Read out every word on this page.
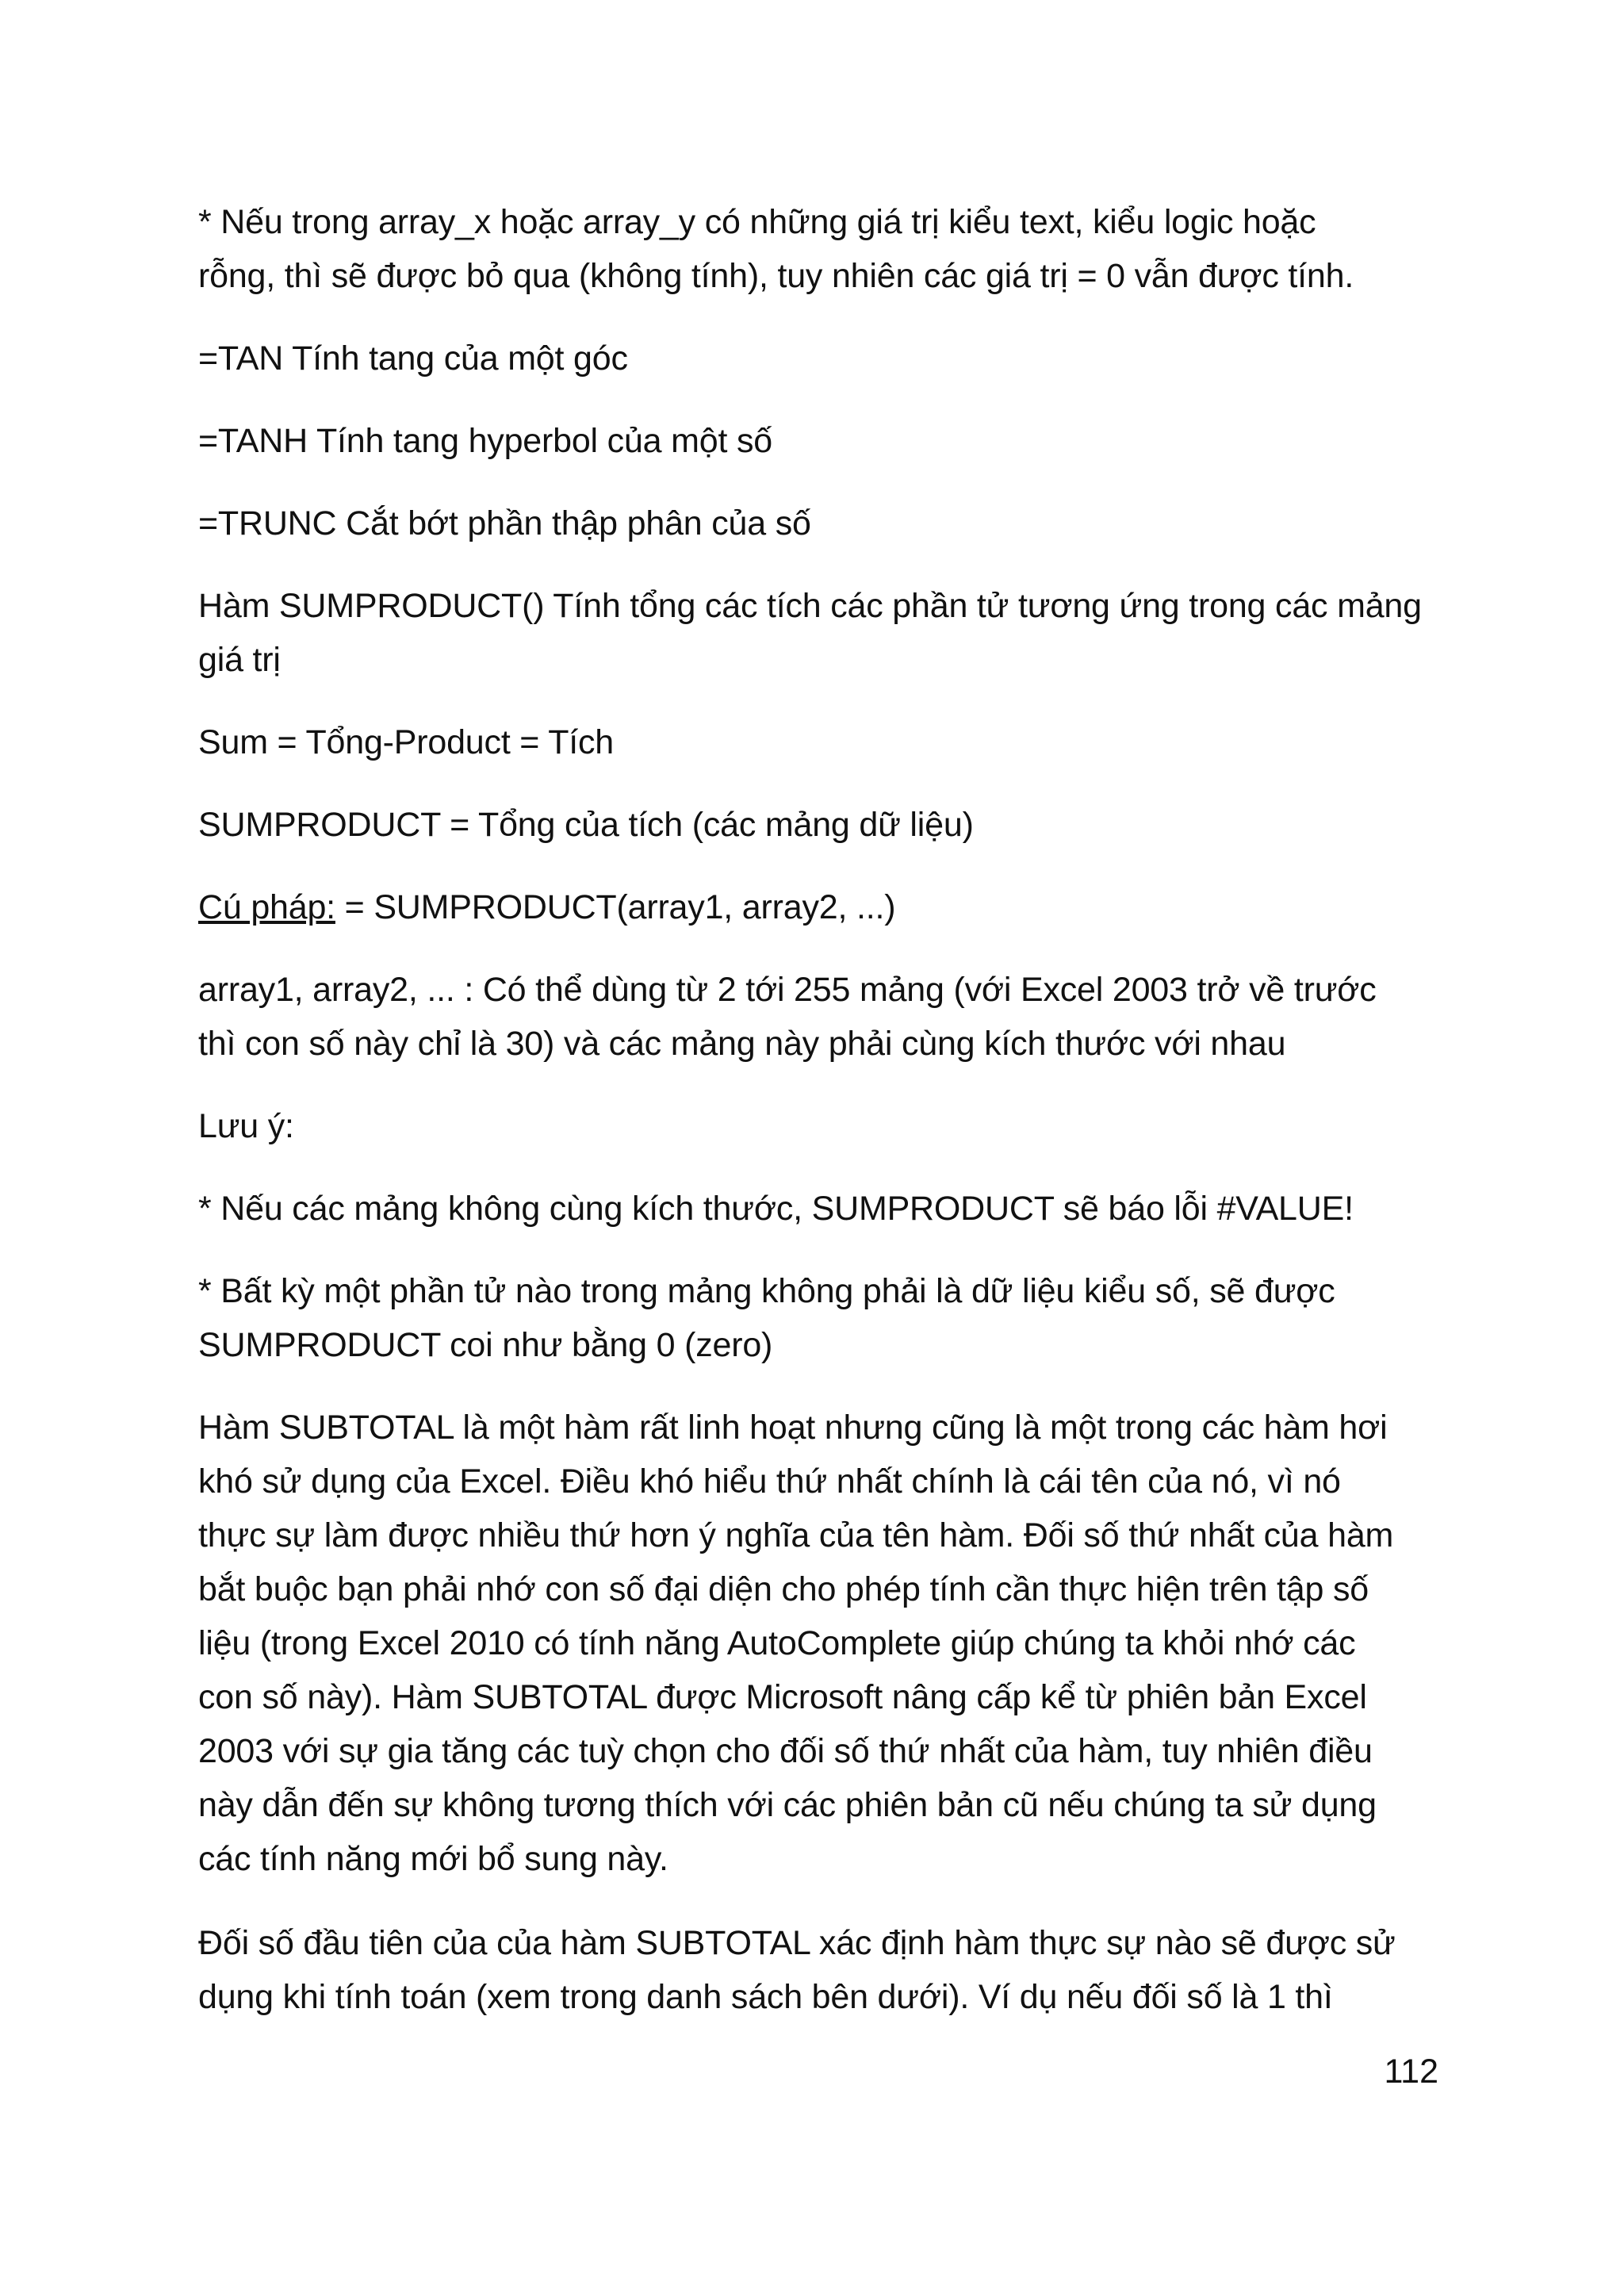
* Nếu trong array_x hoặc array_y có những giá trị kiểu text, kiểu logic hoặc
rỗng, thì sẽ được bỏ qua (không tính), tuy nhiên các giá trị = 0 vẫn được tính.

=TAN Tính tang của một góc

=TANH Tính tang hyperbol của một số

=TRUNC Cắt bớt phần thập phân của số

Hàm SUMPRODUCT() Tính tổng các tích các phần tử tương ứng trong các mảng
giá trị

Sum = Tổng-Product = Tích

SUMPRODUCT = Tổng của tích (các mảng dữ liệu)

Cú pháp: = SUMPRODUCT(array1, array2, ...)

array1, array2, ... : Có thể dùng từ 2 tới 255 mảng (với Excel 2003 trở về trước
thì con số này chỉ là 30) và các mảng này phải cùng kích thước với nhau

Lưu ý:

* Nếu các mảng không cùng kích thước, SUMPRODUCT sẽ báo lỗi #VALUE!

* Bất kỳ một phần tử nào trong mảng không phải là dữ liệu kiểu số, sẽ được
SUMPRODUCT coi như bằng 0 (zero)

Hàm SUBTOTAL là một hàm rất linh hoạt nhưng cũng là một trong các hàm hơi
khó sử dụng của Excel. Điều khó hiểu thứ nhất chính là cái tên của nó, vì nó
thực sự làm được nhiều thứ hơn ý nghĩa của tên hàm. Đối số thứ nhất của hàm
bắt buộc bạn phải nhớ con số đại diện cho phép tính cần thực hiện trên tập số
liệu (trong Excel 2010 có tính năng AutoComplete giúp chúng ta khỏi nhớ các
con số này). Hàm SUBTOTAL được Microsoft nâng cấp kể từ phiên bản Excel
2003 với sự gia tăng các tuỳ chọn cho đối số thứ nhất của hàm, tuy nhiên điều
này dẫn đến sự không tương thích với các phiên bản cũ nếu chúng ta sử dụng
các tính năng mới bổ sung này.

Đối số đầu tiên của của hàm SUBTOTAL xác định hàm thực sự nào sẽ được sử
dụng khi tính toán (xem trong danh sách bên dưới). Ví dụ nếu đối số là 1 thì

112
